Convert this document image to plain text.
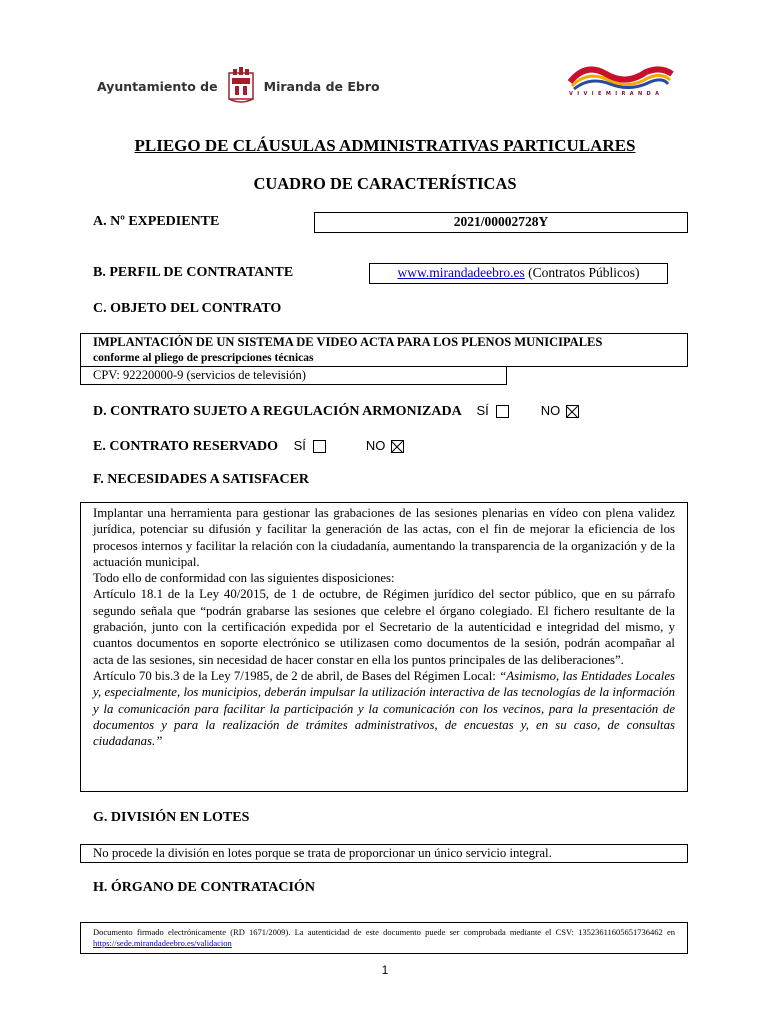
Ayuntamiento de	Miranda de Ebro
VIVIEMIRANDA
PLIEGO DE CLÁUSULAS ADMINISTRATIVAS PARTICULARES
CUADRO DE CARACTERÍSTICAS
A. Nº EXPEDIENTE	2021/00002728Y
B. PERFIL DE CONTRATANTE	www.mirandadeebro.es (Contratos Públicos)
C. OBJETO DEL CONTRATO
IMPLANTACIÓN DE UN SISTEMA DE VIDEO ACTA PARA LOS PLENOS MUNICIPALES
conforme al pliego de prescripciones técnicas
CPV: 92220000-9 (servicios de televisión)
D. CONTRATO SUJETO A REGULACIÓN ARMONIZADA SÍ	NO
E. CONTRATO RESERVADO SÍ	NO
F. NECESIDADES A SATISFACER

Implantar una herramienta para gestionar las grabaciones de las sesiones plenarias en vídeo con plena validez jurídica, potenciar su difusión y facilitar la generación de las actas, con el fin de mejorar la eficiencia de los procesos internos y facilitar la relación con la ciudadanía, aumentando la transparencia de la organización y de la actuación municipal.

Todo ello de conformidad con las siguientes disposiciones:

Artículo 18.1 de la Ley 40/2015, de 1 de octubre, de Régimen jurídico del sector público, que en su párrafo segundo señala que “podrán grabarse las sesiones que celebre el órgano colegiado. El fichero resultante de la grabación, junto con la certificación expedida por el Secretario de la autenticidad e integridad del mismo, y cuantos documentos en soporte electrónico se utilizasen como documentos de la sesión, podrán acompañar al acta de las sesiones, sin necesidad de hacer constar en ella los puntos principales de las deliberaciones”.

Artículo 70 bis.3 de la Ley 7/1985, de 2 de abril, de Bases del Régimen Local: “Asimismo, las Entidades Locales y, especialmente, los municipios, deberán impulsar la utilización interactiva de las tecnologías de la información y la comunicación para facilitar la participación y la comunicación con los vecinos, para la presentación de documentos y para la realización de trámites administrativos, de encuestas y, en su caso, de consultas ciudadanas.”

G. DIVISIÓN EN LOTES
No procede la división en lotes porque se trata de proporcionar un único servicio integral.
H. ÓRGANO DE CONTRATACIÓN
Documento firmado electrónicamente (RD 1671/2009). La autenticidad de este documento puede ser comprobada mediante el CSV: 13523611605651736462 en https://sede.mirandadeebro.es/validacion
1
